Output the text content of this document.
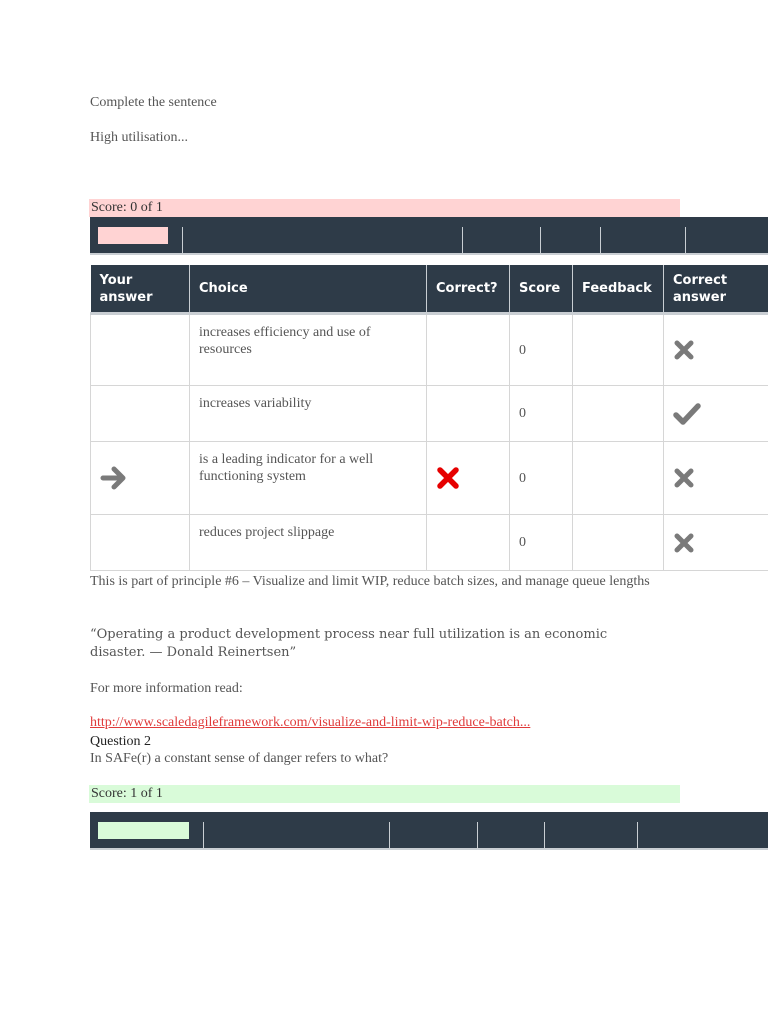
Complete the sentence

High utilisation...

Score: 0 of 1
Your answer	Choice	Correct?	Score	Feedback	Correct answer
	increases efficiency and use of resources		0		
	increases variability		0		
	is a leading indicator for a well functioning system		0		
	reduces project slippage		0		

This is part of principle #6 – Visualize and limit WIP, reduce batch sizes, and manage queue lengths

“Operating a product development process near full utilization is an economic disaster. — Donald Reinertsen”

For more information read:

http://www.scaledagileframework.com/visualize-and-limit-wip-reduce-batch...

Question 2

In SAFe(r) a constant sense of danger refers to what?

Score: 1 of 1
